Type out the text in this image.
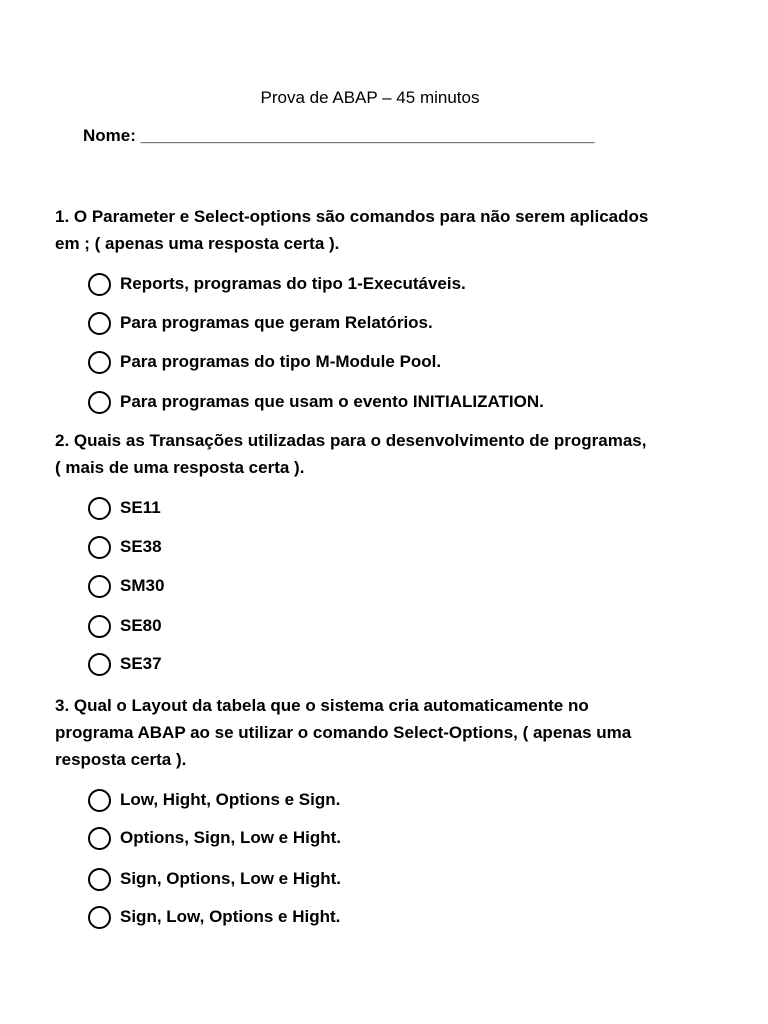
Prova de ABAP – 45 minutos
Nome: ________________________________________________
1. O Parameter e Select-options são comandos para não serem aplicados em ; ( apenas uma resposta certa ).
Reports, programas do tipo 1-Executáveis.
Para programas que geram Relatórios.
Para programas do tipo M-Module Pool.
Para programas que usam o evento INITIALIZATION.
2. Quais as Transações utilizadas para o desenvolvimento de programas, ( mais de uma resposta certa ).
SE11
SE38
SM30
SE80
SE37
3. Qual o Layout da tabela que o sistema cria automaticamente no programa ABAP ao se utilizar o comando Select-Options, ( apenas uma resposta certa ).
Low, Hight, Options e Sign.
Options, Sign, Low e Hight.
Sign, Options, Low e Hight.
Sign, Low, Options e Hight.
